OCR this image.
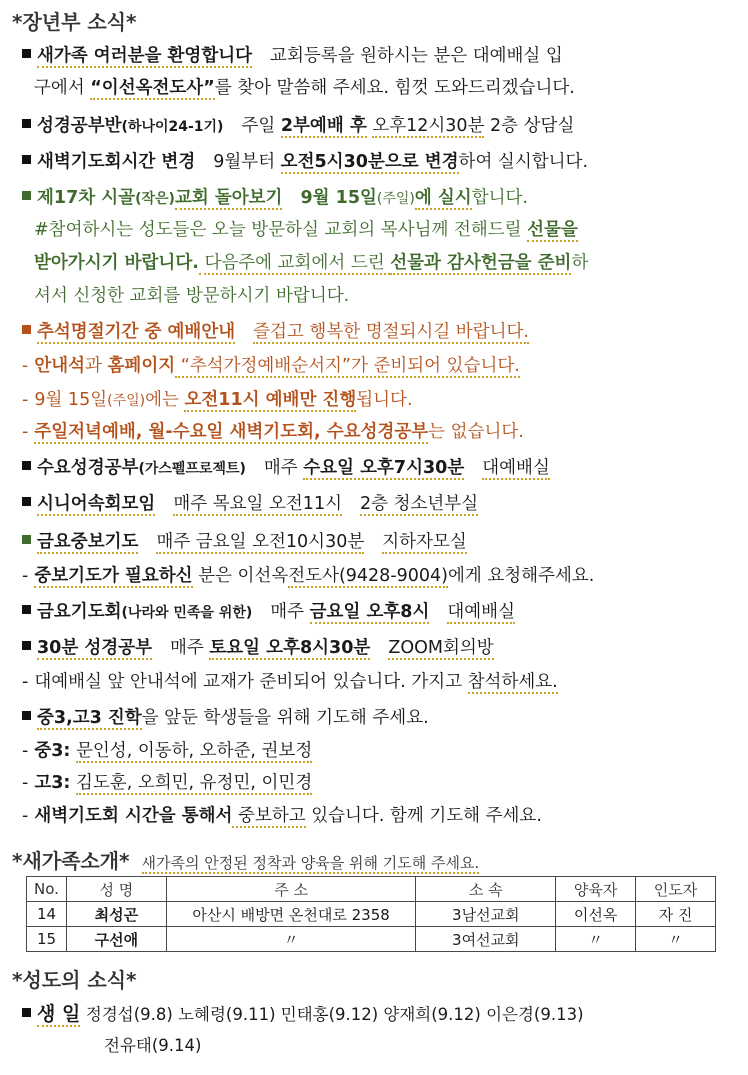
*장년부 소식*
새가족 여러분을 환영합니다 교회등록을 원하시는 분은 대예배실 입
구에서 “이선옥전도사”를 찾아 말씀해 주세요. 힘껏 도와드리겠습니다.
성경공부반(하나이24-1기) 주일 2부예배 후 오후12시30분 2층 상담실
새벽기도회시간 변경 9월부터 오전5시30분으로 변경하여 실시합니다.
제17차 시골(작은)교회 돌아보기 9월 15일(주일)에 실시합니다.
#참여하시는 성도들은 오늘 방문하실 교회의 목사님께 전해드릴 선물을
받아가시기 바랍니다. 다음주에 교회에서 드린 선물과 감사헌금을 준비하
셔서 신청한 교회를 방문하시기 바랍니다.
추석명절기간 중 예배안내 즐겁고 행복한 명절되시길 바랍니다.
- 안내석과 홈페이지 “추석가정예배순서지”가 준비되어 있습니다.
- 9월 15일(주일)에는 오전11시 예배만 진행됩니다.
- 주일저녁예배, 월-수요일 새벽기도회, 수요성경공부는 없습니다.
수요성경공부(가스펠프로젝트) 매주 수요일 오후7시30분 대예배실
시니어속회모임 매주 목요일 오전11시 2층 청소년부실
금요중보기도 매주 금요일 오전10시30분 지하자모실
- 중보기도가 필요하신 분은 이선옥전도사(9428-9004)에게 요청해주세요.
금요기도회(나라와 민족을 위한) 매주 금요일 오후8시 대예배실
30분 성경공부 매주 토요일 오후8시30분 ZOOM회의방
- 대예배실 앞 안내석에 교재가 준비되어 있습니다. 가지고 참석하세요.
중3,고3 진학을 앞둔 학생들을 위해 기도해 주세요.
- 중3: 문인성, 이동하, 오하준, 권보정
- 고3: 김도훈, 오희민, 유정민, 이민경
- 새벽기도회 시간을 통해서 중보하고 있습니다. 함께 기도해 주세요.
*새가족소개* 새가족의 안정된 정착과 양육을 위해 기도해 주세요.
No.	성 명	주 소	소 속	양육자	인도자
14	최성곤	아산시 배방면 온천대로 2358	3남선교회	이선옥	자 진
15	구선애	〃	3여선교회	〃	〃
*성도의 소식*
생 일 정경섭(9.8) 노혜령(9.11) 민태홍(9.12) 양재희(9.12) 이은경(9.13)
전유태(9.14)
